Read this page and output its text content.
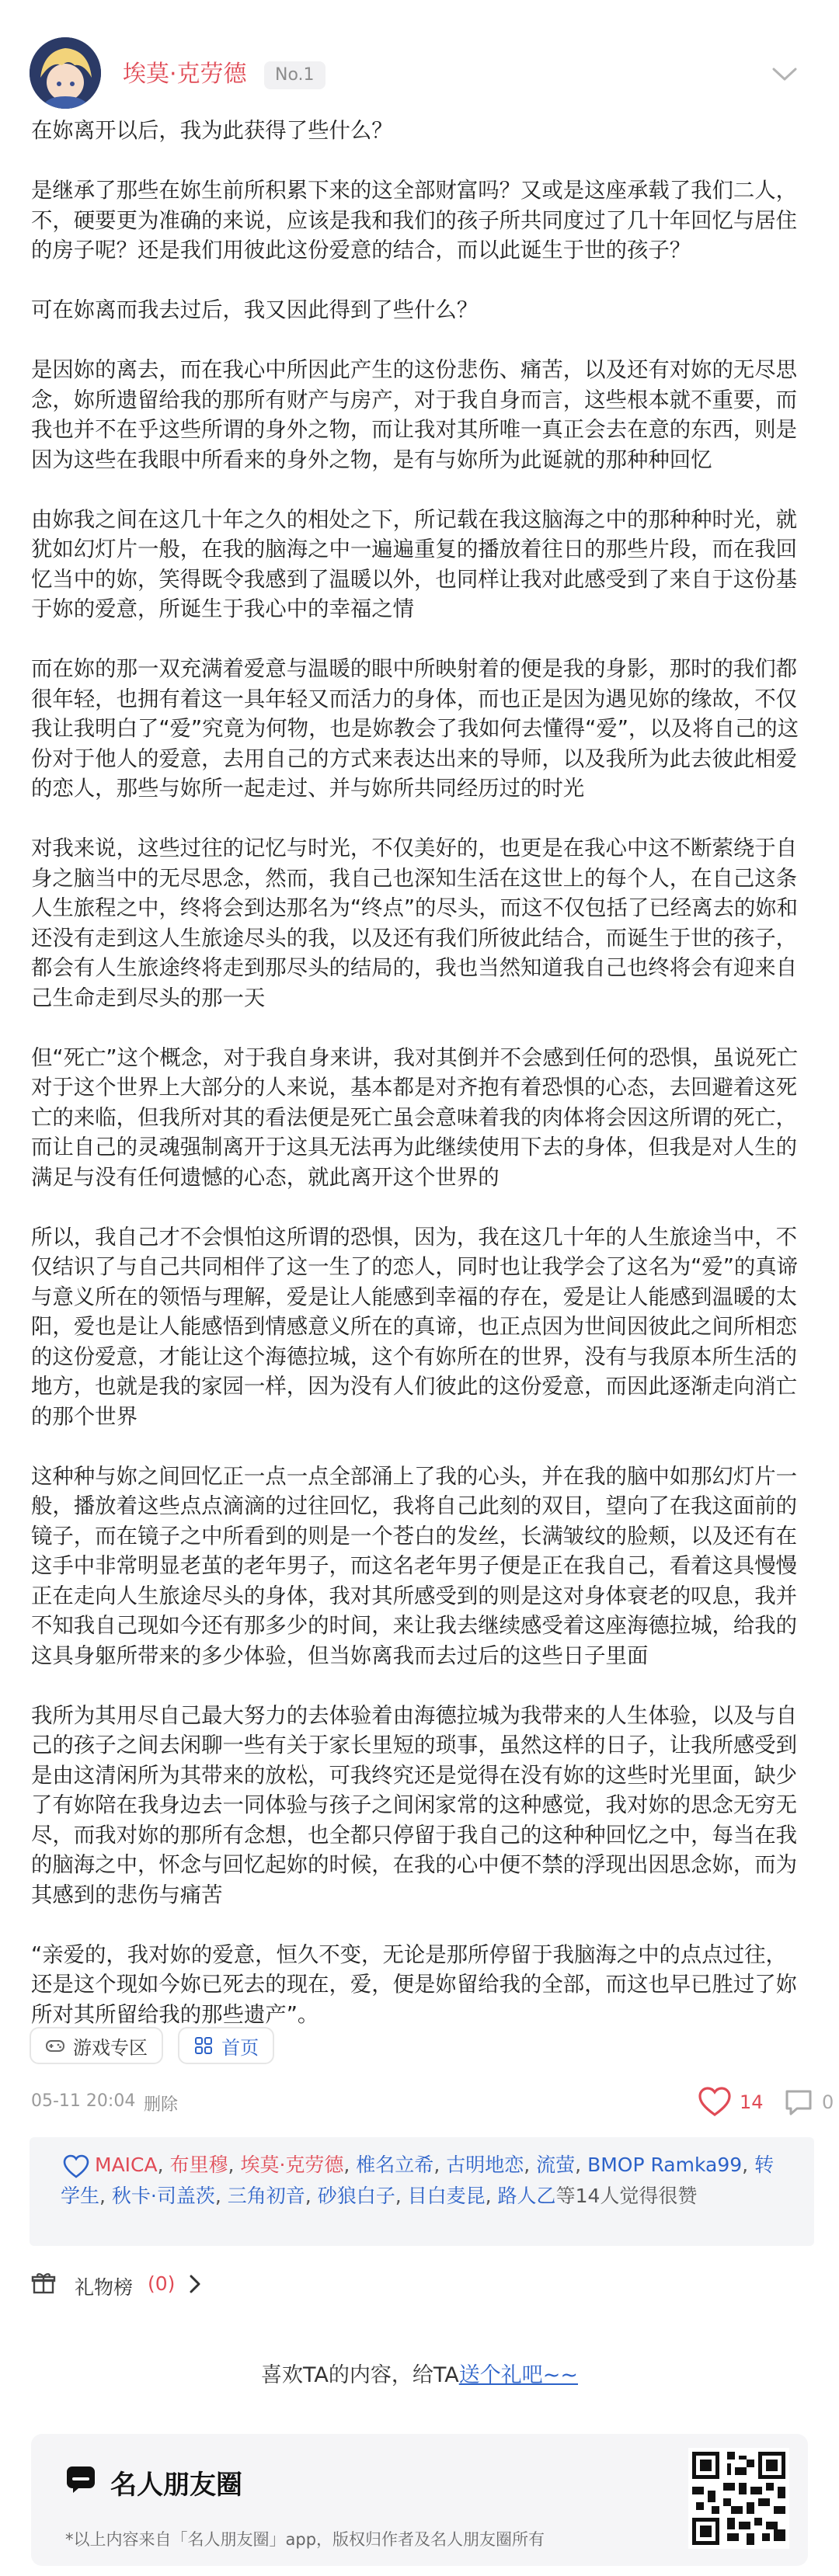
埃莫·克劳德	No.1

在妳离开以后，我为此获得了些什么？

是继承了那些在妳生前所积累下来的这全部财富吗？又或是这座承载了我们二人，不，硬要更为准确的来说，应该是我和我们的孩子所共同度过了几十年回忆与居住的房子呢？还是我们用彼此这份爱意的结合，而以此诞生于世的孩子？

可在妳离而我去过后，我又因此得到了些什么？

是因妳的离去，而在我心中所因此产生的这份悲伤、痛苦，以及还有对妳的无尽思念，妳所遗留给我的那所有财产与房产，对于我自身而言，这些根本就不重要，而我也并不在乎这些所谓的身外之物，而让我对其所唯一真正会去在意的东西，则是因为这些在我眼中所看来的身外之物，是有与妳所为此诞就的那种种回忆

由妳我之间在这几十年之久的相处之下，所记载在我这脑海之中的那种种时光，就犹如幻灯片一般，在我的脑海之中一遍遍重复的播放着往日的那些片段，而在我回忆当中的妳，笑得既令我感到了温暖以外，也同样让我对此感受到了来自于这份基于妳的爱意，所诞生于我心中的幸福之情

而在妳的那一双充满着爱意与温暖的眼中所映射着的便是我的身影，那时的我们都很年轻，也拥有着这一具年轻又而活力的身体，而也正是因为遇见妳的缘故，不仅我让我明白了“爱”究竟为何物，也是妳教会了我如何去懂得“爱”，以及将自己的这份对于他人的爱意，去用自己的方式来表达出来的导师，以及我所为此去彼此相爱的恋人，那些与妳所一起走过、并与妳所共同经历过的时光

对我来说，这些过往的记忆与时光，不仅美好的，也更是在我心中这不断萦绕于自身之脑当中的无尽思念，然而，我自己也深知生活在这世上的每个人，在自己这条人生旅程之中，终将会到达那名为“终点”的尽头，而这不仅包括了已经离去的妳和还没有走到这人生旅途尽头的我，以及还有我们所彼此结合，而诞生于世的孩子，都会有人生旅途终将走到那尽头的结局的，我也当然知道我自己也终将会有迎来自己生命走到尽头的那一天

但“死亡”这个概念，对于我自身来讲，我对其倒并不会感到任何的恐惧，虽说死亡对于这个世界上大部分的人来说，基本都是对齐抱有着恐惧的心态，去回避着这死亡的来临，但我所对其的看法便是死亡虽会意味着我的肉体将会因这所谓的死亡，而让自己的灵魂强制离开于这具无法再为此继续使用下去的身体，但我是对人生的满足与没有任何遗憾的心态，就此离开这个世界的

所以，我自己才不会惧怕这所谓的恐惧，因为，我在这几十年的人生旅途当中，不仅结识了与自己共同相伴了这一生了的恋人，同时也让我学会了这名为“爱”的真谛与意义所在的领悟与理解，爱是让人能感到幸福的存在，爱是让人能感到温暖的太阳，爱也是让人能感悟到情感意义所在的真谛，也正点因为世间因彼此之间所相恋的这份爱意，才能让这个海德拉城，这个有妳所在的世界，没有与我原本所生活的地方，也就是我的家园一样，因为没有人们彼此的这份爱意，而因此逐渐走向消亡的那个世界

这种种与妳之间回忆正一点一点全部涌上了我的心头，并在我的脑中如那幻灯片一般，播放着这些点点滴滴的过往回忆，我将自己此刻的双目，望向了在我这面前的镜子，而在镜子之中所看到的则是一个苍白的发丝，长满皱纹的脸颊，以及还有在这手中非常明显老茧的老年男子，而这名老年男子便是正在我自己，看着这具慢慢正在走向人生旅途尽头的身体，我对其所感受到的则是这对身体衰老的叹息，我并不知我自己现如今还有那多少的时间，来让我去继续感受着这座海德拉城，给我的这具身躯所带来的多少体验，但当妳离我而去过后的这些日子里面

我所为其用尽自己最大努力的去体验着由海德拉城为我带来的人生体验，以及与自己的孩子之间去闲聊一些有关于家长里短的琐事，虽然这样的日子，让我所感受到是由这清闲所为其带来的放松，可我终究还是觉得在没有妳的这些时光里面，缺少了有妳陪在我身边去一同体验与孩子之间闲家常的这种感觉，我对妳的思念无穷无尽，而我对妳的那所有念想，也全都只停留于我自己的这种种回忆之中，每当在我的脑海之中，怀念与回忆起妳的时候，在我的心中便不禁的浮现出因思念妳，而为其感到的悲伤与痛苦

“亲爱的，我对妳的爱意，恒久不变，无论是那所停留于我脑海之中的点点过往，还是这个现如今妳已死去的现在，爱，便是妳留给我的全部，而这也早已胜过了妳所对其所留给我的那些遗产”。

游戏专区
	首页
05-11 20:04 删除	14	0
MAICA, 布里穆, 埃莫·克劳德, 椎名立希, 古明地恋, 流萤, BMOP Ramka99, 转学生, 秋卡·司盖茨, 三角初音, 砂狼白子, 目白麦昆, 路人乙等14人觉得很赞
礼物榜 (0)
喜欢TA的内容，给TA送个礼吧~~
名人朋友圈
*以上内容来自「名人朋友圈」app，版权归作者及名人朋友圈所有
